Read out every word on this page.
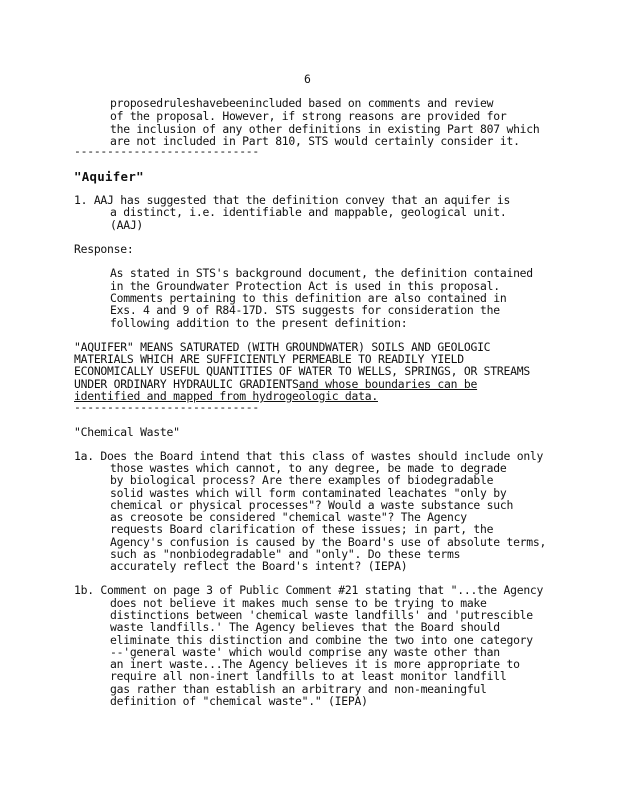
6
proposedruleshavebeenincluded based on comments and review
of the proposal. However, if strong reasons are provided for
the inclusion of any other definitions in existing Part 807 which
are not included in Part 810, STS would certainly consider it.
----------------------------
"Aquifer"
1. AAJ has suggested that the definition convey that an aquifer is
a distinct, i.e. identifiable and mappable, geological unit.
(AAJ)
Response:
As stated in STS's background document, the definition contained
in the Groundwater Protection Act is used in this proposal.
Comments pertaining to this definition are also contained in
Exs. 4 and 9 of R84-17D. STS suggests for consideration the
following addition to the present definition:
"AQUIFER" MEANS SATURATED (WITH GROUNDWATER) SOILS AND GEOLOGIC
MATERIALS WHICH ARE SUFFICIENTLY PERMEABLE TO READILY YIELD
ECONOMICALLY USEFUL QUANTITIES OF WATER TO WELLS, SPRINGS, OR STREAMS
UNDER ORDINARY HYDRAULIC GRADIENTSand whose boundaries can be
identified and mapped from hydrogeologic data.
----------------------------
"Chemical Waste"
1a. Does the Board intend that this class of wastes should include only
those wastes which cannot, to any degree, be made to degrade
by biological process? Are there examples of biodegradable
solid wastes which will form contaminated leachates "only by
chemical or physical processes"? Would a waste substance such
as creosote be considered "chemical waste"? The Agency
requests Board clarification of these issues; in part, the
Agency's confusion is caused by the Board's use of absolute terms,
such as "nonbiodegradable" and "only". Do these terms
accurately reflect the Board's intent? (IEPA)
1b. Comment on page 3 of Public Comment #21 stating that "...the Agency
does not believe it makes much sense to be trying to make
distinctions between 'chemical waste landfills' and 'putrescible
waste landfills.' The Agency believes that the Board should
eliminate this distinction and combine the two into one category
--'general waste' which would comprise any waste other than
an inert waste...The Agency believes it is more appropriate to
require all non-inert landfills to at least monitor landfill
gas rather than establish an arbitrary and non-meaningful
definition of "chemical waste"." (IEPA)
